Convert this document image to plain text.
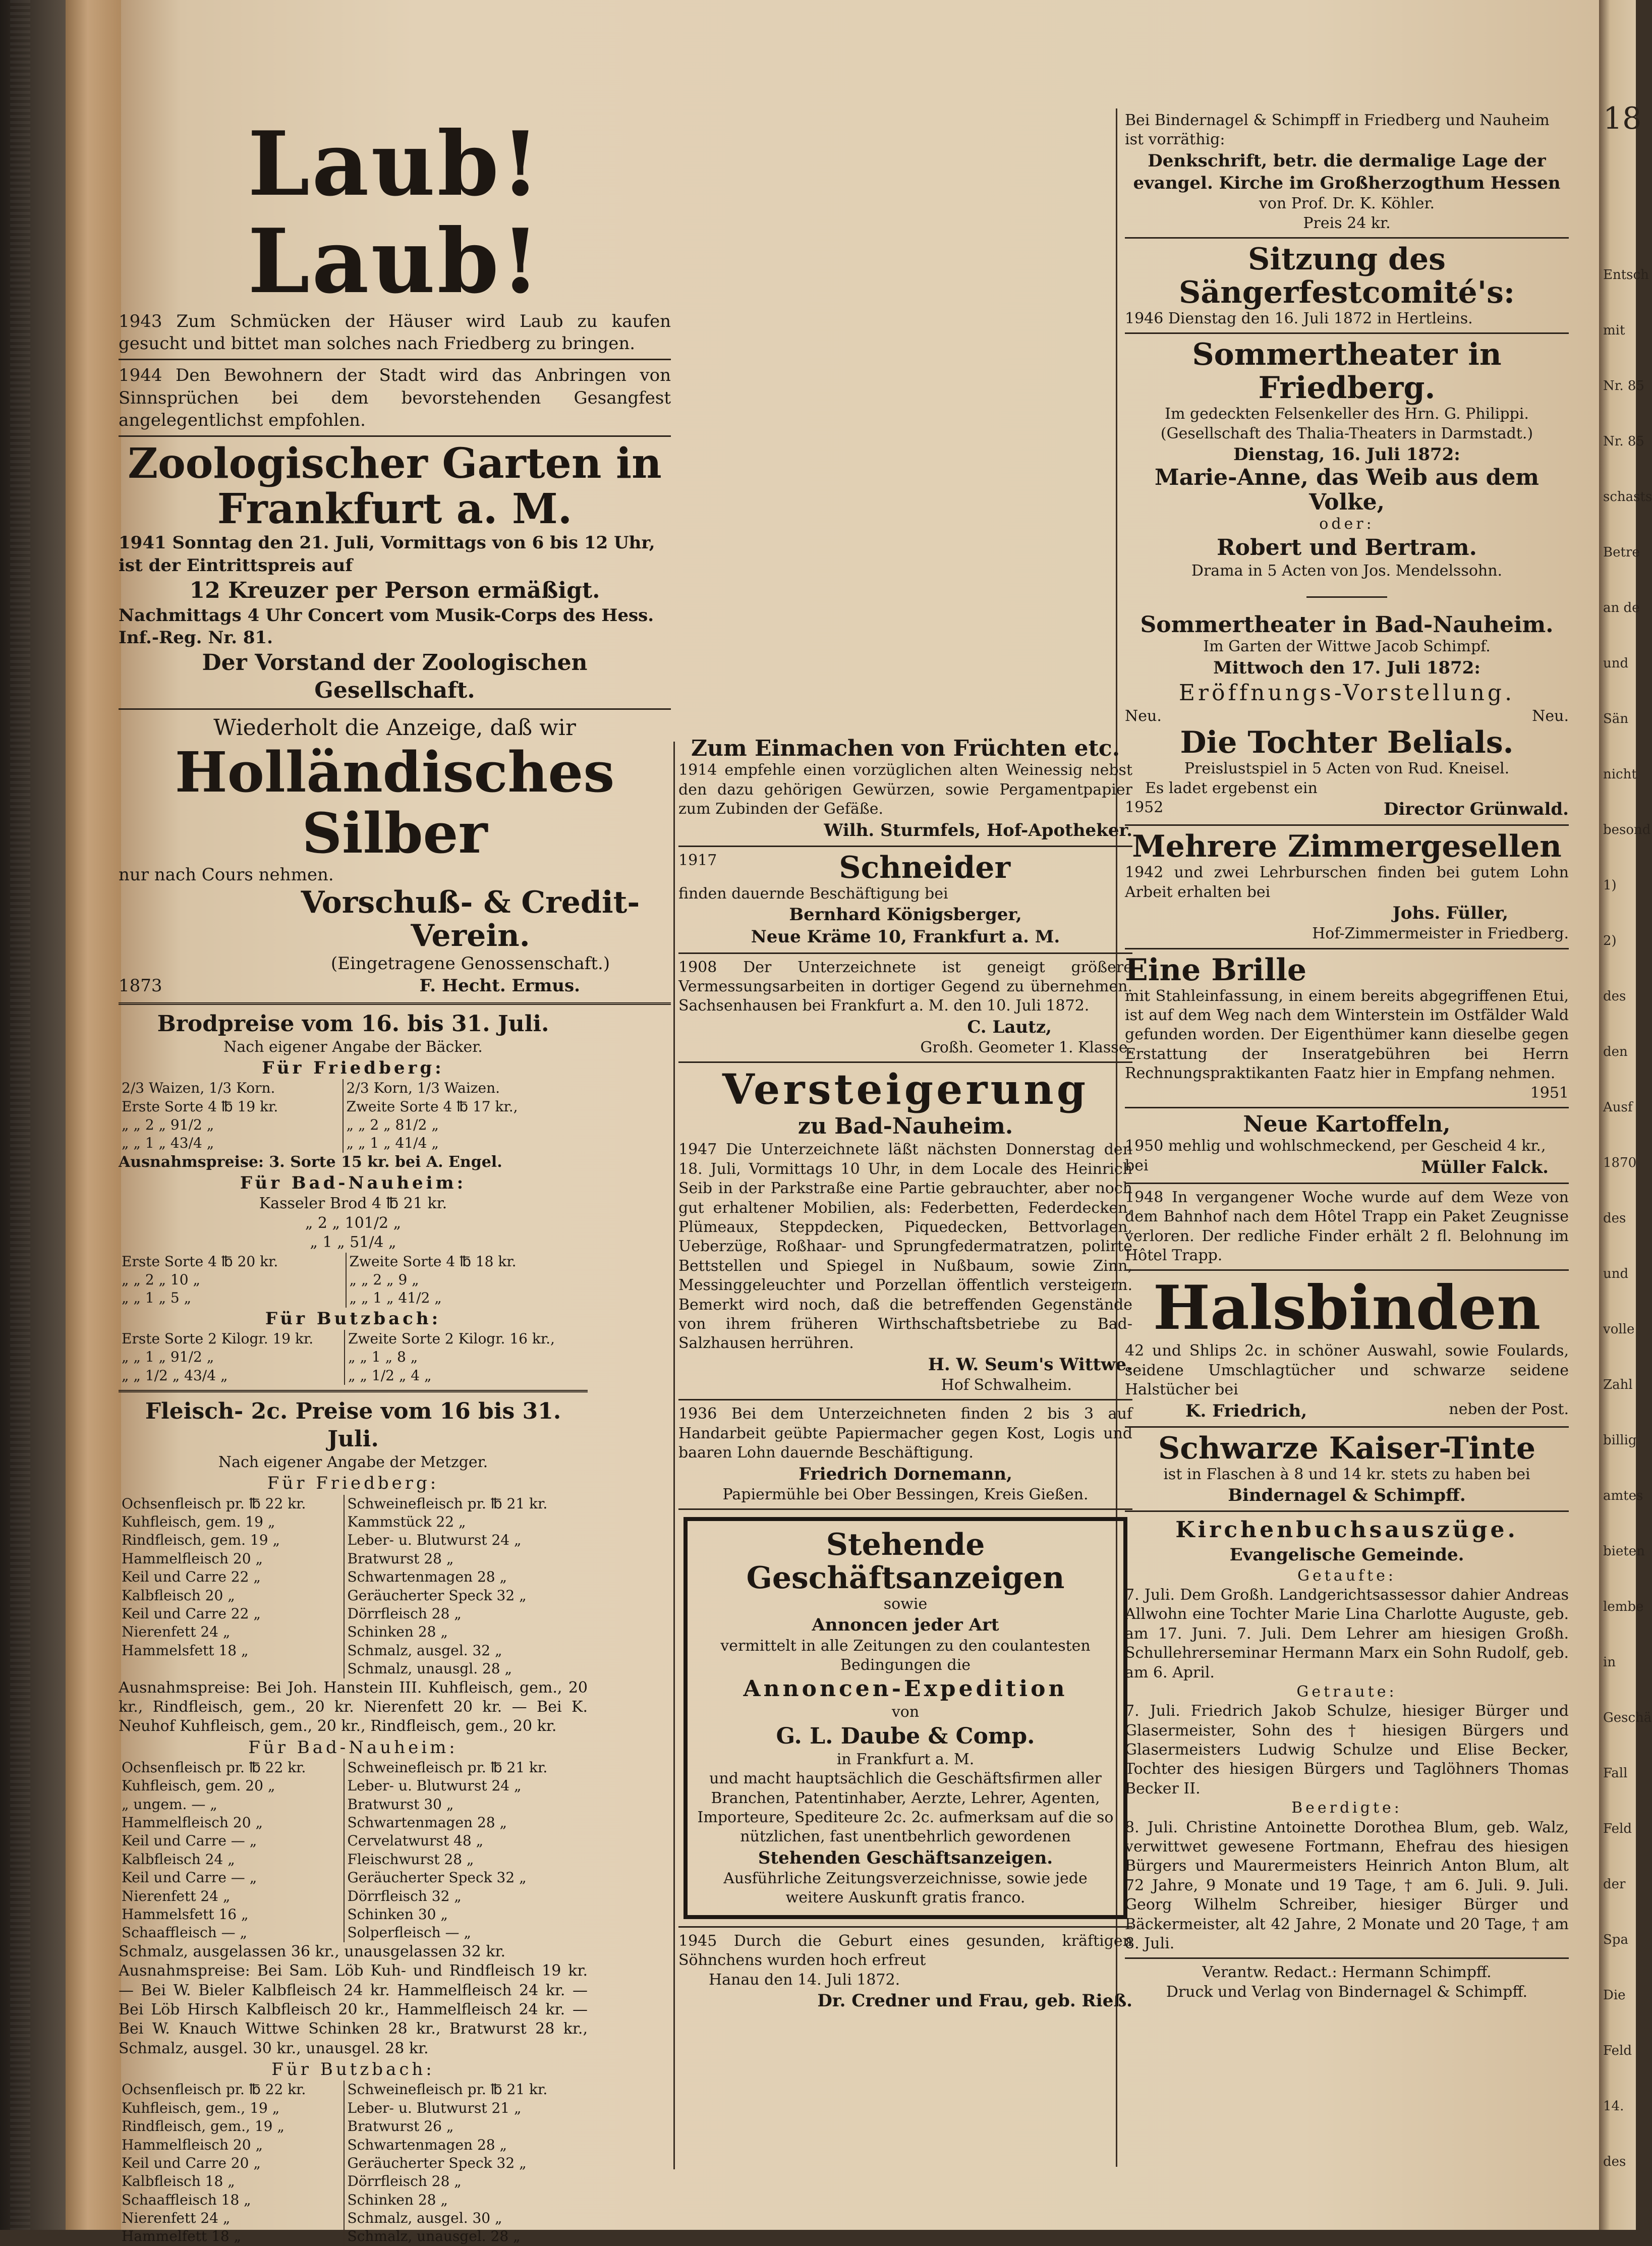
18
Entsch
mit
Nr. 85
Nr. 85
schasts
Betre
an de
und
Sän
nicht
besond
1)
2)
des
den
Ausf
1870
des
und
volle
Zahl
billig
amtes
bieten
lembe
in
Geschä
Fall
Feld
der
Spa
Die
Feld
14.
des

Laub! Laub!

1943 Zum Schmücken der Häuser wird Laub zu kaufen gesucht und bittet man solches nach Friedberg zu bringen.

1944 Den Bewohnern der Stadt wird das Anbringen von Sinnsprüchen bei dem bevorstehenden Gesangfest angelegentlichst empfohlen.

Zoologischer Garten in Frankfurt a. M.

1941 Sonntag den 21. Juli, Vormittags von 6 bis 12 Uhr, ist der Eintrittspreis auf

12 Kreuzer per Person ermäßigt.

Nachmittags 4 Uhr Concert vom Musik-Corps des Hess. Inf.-Reg. Nr. 81.

Der Vorstand der Zoologischen Gesellschaft.

Wiederholt die Anzeige, daß wir

Holländisches Silber

nur nach Cours nehmen.

Vorschuß- & Credit-Verein.

(Eingetragene Genossenschaft.)

1873	F. Hecht. Ermus.

Brodpreise vom 16. bis 31. Juli.

Nach eigener Angabe der Bäcker.

Für Friedberg:

2/3 Waizen, 1/3 Korn.	2/3 Korn, 1/3 Waizen.
Erste Sorte 4 ℔ 19 kr.	Zweite Sorte 4 ℔ 17 kr.,
„ „ 2 „ 91/2 „	„ „ 2 „ 81/2 „
„ „ 1 „ 43/4 „	„ „ 1 „ 41/4 „

Ausnahmspreise: 3. Sorte 15 kr. bei A. Engel.

Für Bad-Nauheim:

Kasseler Brod 4 ℔ 21 kr.
„ 2 „ 101/2 „
„ 1 „ 51/4 „
Erste Sorte 4 ℔ 20 kr.	Zweite Sorte 4 ℔ 18 kr.
„ „ 2 „ 10 „	„ „ 2 „ 9 „
„ „ 1 „ 5 „	„ „ 1 „ 41/2 „

Für Butzbach:

Erste Sorte 2 Kilogr. 19 kr.	Zweite Sorte 2 Kilogr. 16 kr.,
„ „ 1 „ 91/2 „	„ „ 1 „ 8 „
„ „ 1/2 „ 43/4 „	„ „ 1/2 „ 4 „

Fleisch- 2c. Preise vom 16 bis 31. Juli.

Nach eigener Angabe der Metzger.

Für Friedberg:

Ochsenfleisch pr. ℔ 22 kr.	Schweinefleisch pr. ℔ 21 kr.
Kuhfleisch, gem. 19 „	Kammstück 22 „
Rindfleisch, gem. 19 „	Leber- u. Blutwurst 24 „
Hammelfleisch 20 „	Bratwurst 28 „
Keil und Carre 22 „	Schwartenmagen 28 „
Kalbfleisch 20 „	Geräucherter Speck 32 „
Keil und Carre 22 „	Dörrfleisch 28 „
Nierenfett 24 „	Schinken 28 „
Hammelsfett 18 „	Schmalz, ausgel. 32 „
	Schmalz, unausgl. 28 „

Ausnahmspreise: Bei Joh. Hanstein III. Kuhfleisch, gem., 20 kr., Rindfleisch, gem., 20 kr. Nierenfett 20 kr. — Bei K. Neuhof Kuhfleisch, gem., 20 kr., Rindfleisch, gem., 20 kr.

Für Bad-Nauheim:

Ochsenfleisch pr. ℔ 22 kr.	Schweinefleisch pr. ℔ 21 kr.
Kuhfleisch, gem. 20 „	Leber- u. Blutwurst 24 „
„ ungem. — „	Bratwurst 30 „
Hammelfleisch 20 „	Schwartenmagen 28 „
Keil und Carre — „	Cervelatwurst 48 „
Kalbfleisch 24 „	Fleischwurst 28 „
Keil und Carre — „	Geräucherter Speck 32 „
Nierenfett 24 „	Dörrfleisch 32 „
Hammelsfett 16 „	Schinken 30 „
Schaaffleisch — „	Solperfleisch — „

Schmalz, ausgelassen 36 kr., unausgelassen 32 kr.

Ausnahmspreise: Bei Sam. Löb Kuh- und Rindfleisch 19 kr. — Bei W. Bieler Kalbfleisch 24 kr. Hammelfleisch 24 kr. — Bei Löb Hirsch Kalbfleisch 20 kr., Hammelfleisch 24 kr. — Bei W. Knauch Wittwe Schinken 28 kr., Bratwurst 28 kr., Schmalz, ausgel. 30 kr., unausgel. 28 kr.

Für Butzbach:

Ochsenfleisch pr. ℔ 22 kr.	Schweinefleisch pr. ℔ 21 kr.
Kuhfleisch, gem., 19 „	Leber- u. Blutwurst 21 „
Rindfleisch, gem., 19 „	Bratwurst 26 „
Hammelfleisch 20 „	Schwartenmagen 28 „
Keil und Carre 20 „	Geräucherter Speck 32 „
Kalbfleisch 18 „	Dörrfleisch 28 „
Schaaffleisch 18 „	Schinken 28 „
Nierenfett 24 „	Schmalz, ausgel. 30 „
Hammelfett 18 „	Schmalz, unausgel. 28 „

Zum Einmachen von Früchten etc.

1914 empfehle einen vorzüglichen alten Weinessig nebst den dazu gehörigen Gewürzen, sowie Pergamentpapier zum Zubinden der Gefäße.

Wilh. Sturmfels, Hof-Apotheker.

1917	Schneider

finden dauernde Beschäftigung bei

Bernhard Königsberger,

Neue Kräme 10, Frankfurt a. M.

1908 Der Unterzeichnete ist geneigt größere Vermessungsarbeiten in dortiger Gegend zu übernehmen. Sachsenhausen bei Frankfurt a. M. den 10. Juli 1872.

C. Lautz,

Großh. Geometer 1. Klasse.

Versteigerung

zu Bad-Nauheim.

1947 Die Unterzeichnete läßt nächsten Donnerstag den 18. Juli, Vormittags 10 Uhr, in dem Locale des Heinrich Seib in der Parkstraße eine Partie gebrauchter, aber noch gut erhaltener Mobilien, als: Federbetten, Federdecken, Plümeaux, Steppdecken, Piquedecken, Bettvorlagen, Ueberzüge, Roßhaar- und Sprungfedermatratzen, polirte Bettstellen und Spiegel in Nußbaum, sowie Zinn, Messinggeleuchter und Porzellan öffentlich versteigern. Bemerkt wird noch, daß die betreffenden Gegenstände von ihrem früheren Wirthschaftsbetriebe zu Bad-Salzhausen herrühren.

H. W. Seum's Wittwe.

Hof Schwalheim.

1936 Bei dem Unterzeichneten finden 2 bis 3 auf Handarbeit geübte Papiermacher gegen Kost, Logis und baaren Lohn dauernde Beschäftigung.

Friedrich Dornemann,

Papiermühle bei Ober Bessingen, Kreis Gießen.

Stehende Geschäftsanzeigen

sowie

Annoncen jeder Art

vermittelt in alle Zeitungen zu den coulantesten Bedingungen die

Annoncen-Expedition

von

G. L. Daube & Comp.

in Frankfurt a. M.

und macht hauptsächlich die Geschäftsfirmen aller Branchen, Patentinhaber, Aerzte, Lehrer, Agenten, Importeure, Spediteure 2c. 2c. aufmerksam auf die so nützlichen, fast unentbehrlich gewordenen

Stehenden Geschäftsanzeigen.

Ausführliche Zeitungsverzeichnisse, sowie jede weitere Auskunft gratis franco.

1945 Durch die Geburt eines gesunden, kräftigen Söhnchens wurden hoch erfreut

Hanau den 14. Juli 1872.

Dr. Credner und Frau, geb. Rieß.

Bei Bindernagel & Schimpff in Friedberg und Nauheim ist vorräthig:

Denkschrift, betr. die dermalige Lage der evangel. Kirche im Großherzogthum Hessen

von Prof. Dr. K. Köhler.

Preis 24 kr.

Sitzung des Sängerfestcomité's:

1946 Dienstag den 16. Juli 1872 in Hertleins.

Sommertheater in Friedberg.

Im gedeckten Felsenkeller des Hrn. G. Philippi.

(Gesellschaft des Thalia-Theaters in Darmstadt.)

Dienstag, 16. Juli 1872:

Marie-Anne, das Weib aus dem Volke,

oder:

Robert und Bertram.

Drama in 5 Acten von Jos. Mendelssohn.

Sommertheater in Bad-Nauheim.

Im Garten der Wittwe Jacob Schimpf.

Mittwoch den 17. Juli 1872:

Eröffnungs-Vorstellung.

Neu.	Neu.

Die Tochter Belials.

Preislustspiel in 5 Acten von Rud. Kneisel.

Es ladet ergebenst ein

1952	Director Grünwald.

Mehrere Zimmergesellen

1942 und zwei Lehrburschen finden bei gutem Lohn Arbeit erhalten bei

Johs. Füller,

Hof-Zimmermeister in Friedberg.

Eine Brille

mit Stahleinfassung, in einem bereits abgegriffenen Etui, ist auf dem Weg nach dem Winterstein im Ostfälder Wald gefunden worden. Der Eigenthümer kann dieselbe gegen Erstattung der Inseratgebühren bei Herrn Rechnungspraktikanten Faatz hier in Empfang nehmen.

1951

Neue Kartoffeln,

1950 mehlig und wohlschmeckend, per Gescheid 4 kr.,

bei	Müller Falck.

1948 In vergangener Woche wurde auf dem Weze von dem Bahnhof nach dem Hôtel Trapp ein Paket Zeugnisse verloren. Der redliche Finder erhält 2 fl. Belohnung im Hôtel Trapp.

Halsbinden

42 und Shlips 2c. in schöner Auswahl, sowie Foulards, seidene Umschlagtücher und schwarze seidene Halstücher bei

K. Friedrich,	neben der Post.

Schwarze Kaiser-Tinte

ist in Flaschen à 8 und 14 kr. stets zu haben bei

Bindernagel & Schimpff.

Kirchenbuchsauszüge.

Evangelische Gemeinde.

Getaufte:

7. Juli. Dem Großh. Landgerichtsassessor dahier Andreas Allwohn eine Tochter Marie Lina Charlotte Auguste, geb. am 17. Juni. 7. Juli. Dem Lehrer am hiesigen Großh. Schullehrerseminar Hermann Marx ein Sohn Rudolf, geb. am 6. April.

Getraute:

7. Juli. Friedrich Jakob Schulze, hiesiger Bürger und Glasermeister, Sohn des † hiesigen Bürgers und Glasermeisters Ludwig Schulze und Elise Becker, Tochter des hiesigen Bürgers und Taglöhners Thomas Becker II.

Beerdigte:

8. Juli. Christine Antoinette Dorothea Blum, geb. Walz, verwittwet gewesene Fortmann, Ehefrau des hiesigen Bürgers und Maurermeisters Heinrich Anton Blum, alt 72 Jahre, 9 Monate und 19 Tage, † am 6. Juli. 9. Juli. Georg Wilhelm Schreiber, hiesiger Bürger und Bäckermeister, alt 42 Jahre, 2 Monate und 20 Tage, † am 8. Juli.

Verantw. Redact.: Hermann Schimpff.

Druck und Verlag von Bindernagel & Schimpff.
